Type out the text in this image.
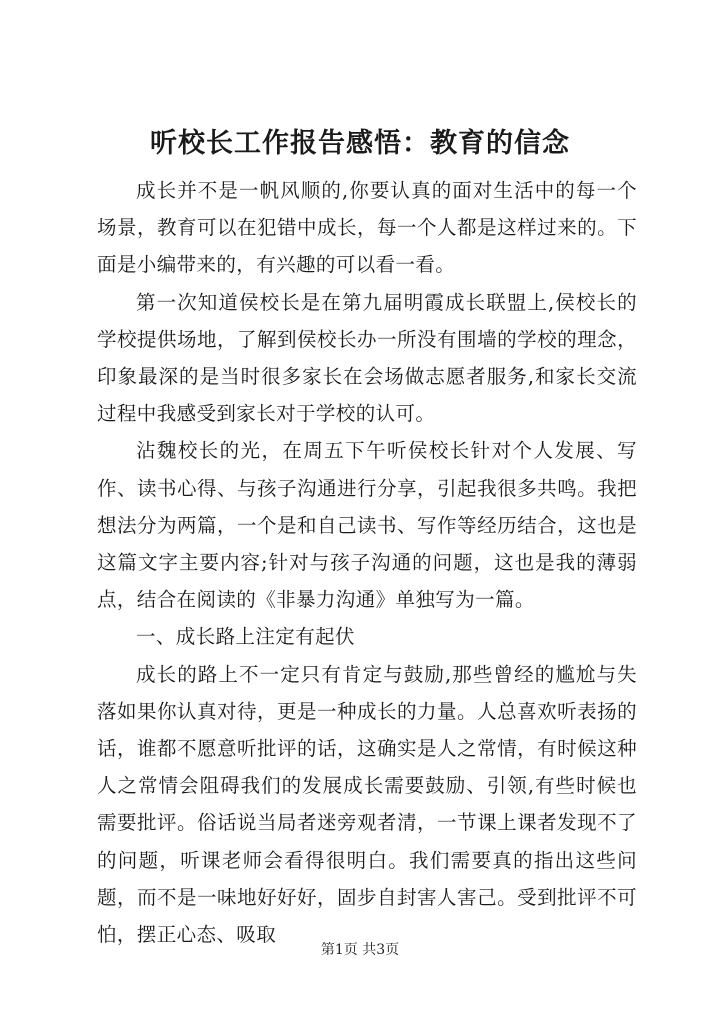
听校长工作报告感悟：教育的信念

成长并不是一帆风顺的,你要认真的面对生活中的每一个场景，教育可以在犯错中成长，每一个人都是这样过来的。下面是小编带来的，有兴趣的可以看一看。

第一次知道侯校长是在第九届明霞成长联盟上,侯校长的学校提供场地，了解到侯校长办一所没有围墙的学校的理念，印象最深的是当时很多家长在会场做志愿者服务,和家长交流过程中我感受到家长对于学校的认可。

沾魏校长的光，在周五下午听侯校长针对个人发展、写作、读书心得、与孩子沟通进行分享，引起我很多共鸣。我把想法分为两篇，一个是和自己读书、写作等经历结合，这也是这篇文字主要内容;针对与孩子沟通的问题，这也是我的薄弱点，结合在阅读的《非暴力沟通》单独写为一篇。

一、成长路上注定有起伏

成长的路上不一定只有肯定与鼓励,那些曾经的尴尬与失落如果你认真对待，更是一种成长的力量。人总喜欢听表扬的话，谁都不愿意听批评的话，这确实是人之常情，有时候这种人之常情会阻碍我们的发展成长需要鼓励、引领,有些时候也需要批评。俗话说当局者迷旁观者清，一节课上课者发现不了的问题，听课老师会看得很明白。我们需要真的指出这些问题，而不是一味地好好好，固步自封害人害己。受到批评不可怕，摆正心态、吸取

第1页 共3页
